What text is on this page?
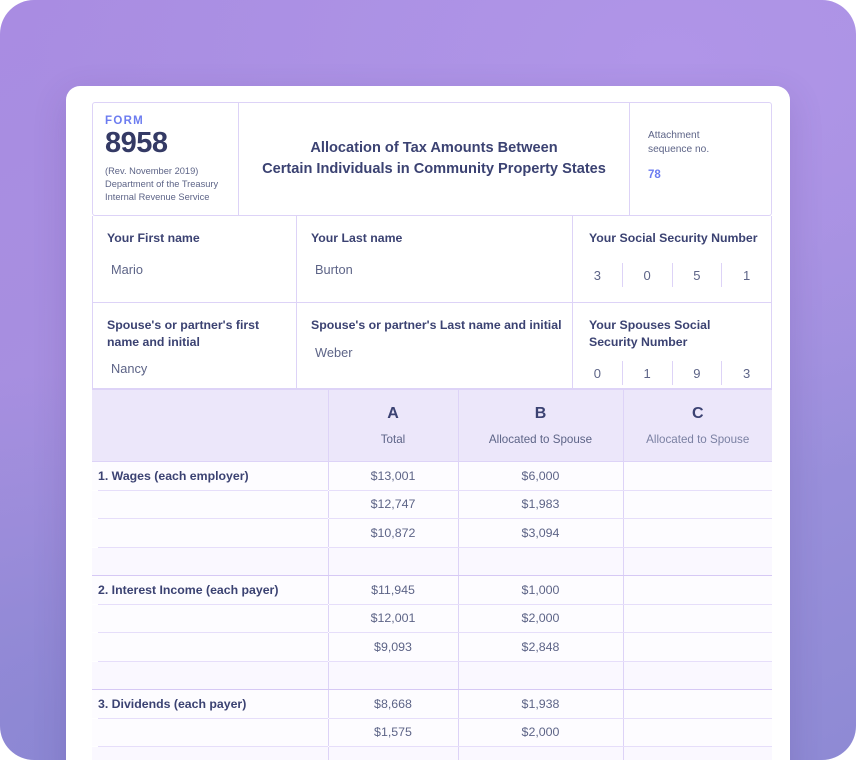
FORM
8958
(Rev. November 2019)
Department of the Treasury
Internal Revenue Service
Allocation of Tax Amounts Between
Certain Individuals in Community Property States
Attachment
sequence no.
78
Your First name
Mario
Your Last name
Burton
Your Social Security Number
3	0	5	1
Spouse's or partner's first name and initial
Nancy
Spouse's or partner's Last name and initial
Weber
Your Spouses Social Security Number
0	1	9	3

A
Total

B
Allocated to Spouse

C
Allocated to Spouse

1. Wages (each employer)	$13,001	$6,000	
	$12,747	$1,983	
	$10,872	$3,094	

2. Interest Income (each payer)	$11,945	$1,000	
	$12,001	$2,000	
	$9,093	$2,848	

3. Dividends (each payer)	$8,668	$1,938	
	$1,575	$2,000	
